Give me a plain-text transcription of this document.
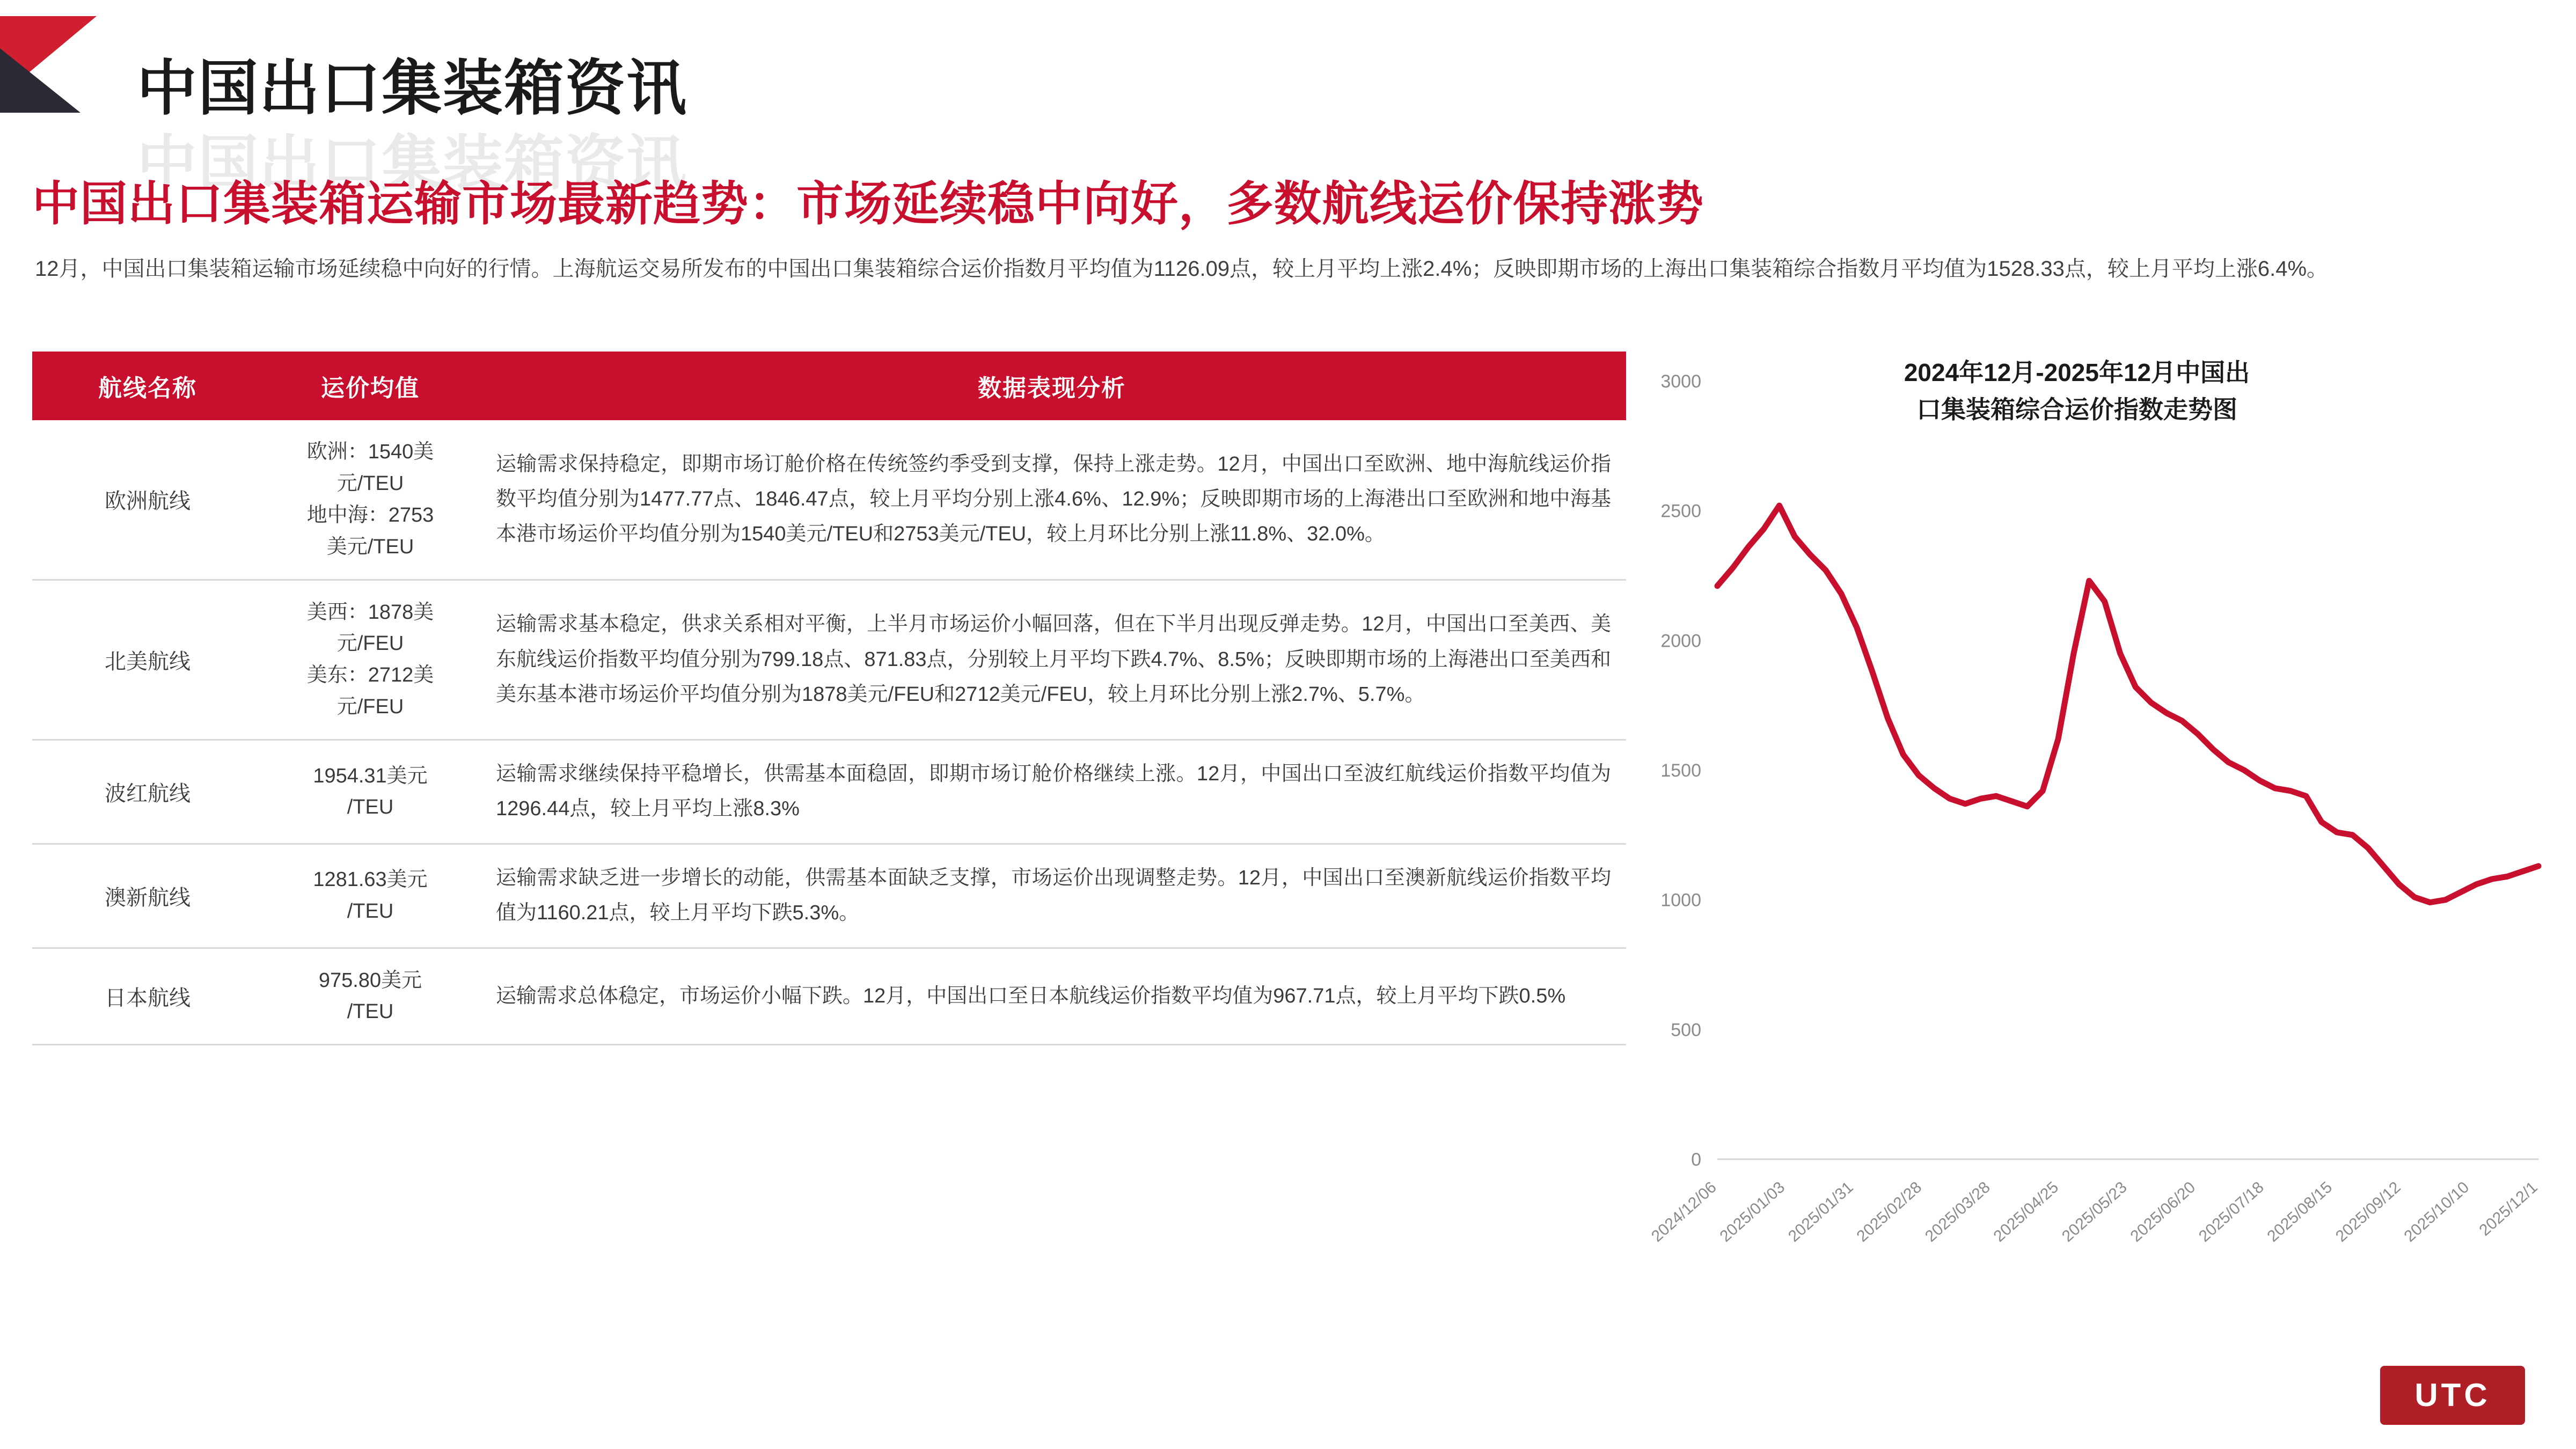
中国出口集装箱资讯
中国出口集装箱资讯
中国出口集装箱运输市场最新趋势：市场延续稳中向好，多数航线运价保持涨势
12月，中国出口集装箱运输市场延续稳中向好的行情。上海航运交易所发布的中国出口集装箱综合运价指数月平均值为1126.09点，较上月平均上涨2.4%；反映即期市场的上海出口集装箱综合指数月平均值为1528.33点，较上月平均上涨6.4%。
航线名称	运价均值	数据表现分析
欧洲航线	欧洲：1540美
元/TEU
地中海：2753
美元/TEU	运输需求保持稳定，即期市场订舱价格在传统签约季受到支撑，保持上涨走势。12月，中国出口至欧洲、地中海航线运价指数平均值分别为1477.77点、1846.47点，较上月平均分别上涨4.6%、12.9%；反映即期市场的上海港出口至欧洲和地中海基本港市场运价平均值分别为1540美元/TEU和2753美元/TEU，较上月环比分别上涨11.8%、32.0%。
北美航线	美西：1878美
元/FEU
美东：2712美
元/FEU	运输需求基本稳定，供求关系相对平衡，上半月市场运价小幅回落，但在下半月出现反弹走势。12月，中国出口至美西、美东航线运价指数平均值分别为799.18点、871.83点，分别较上月平均下跌4.7%、8.5%；反映即期市场的上海港出口至美西和美东基本港市场运价平均值分别为1878美元/FEU和2712美元/FEU，较上月环比分别上涨2.7%、5.7%。
波红航线	1954.31美元
/TEU	运输需求继续保持平稳增长，供需基本面稳固，即期市场订舱价格继续上涨。12月，中国出口至波红航线运价指数平均值为1296.44点，较上月平均上涨8.3%
澳新航线	1281.63美元
/TEU	运输需求缺乏进一步增长的动能，供需基本面缺乏支撑，市场运价出现调整走势。12月，中国出口至澳新航线运价指数平均值为1160.21点，较上月平均下跌5.3%。
日本航线	975.80美元
/TEU	运输需求总体稳定，市场运价小幅下跌。12月，中国出口至日本航线运价指数平均值为967.71点，较上月平均下跌0.5%
2024年12月-2025年12月中国出
口集装箱综合运价指数走势图
0
500
1000
1500
2000
2500
3000
2024/12/06
2025/01/03
2025/01/31
2025/02/28
2025/03/28
2025/04/25
2025/05/23
2025/06/20
2025/07/18
2025/08/15
2025/09/12
2025/10/10 2025/12/1
UTC
